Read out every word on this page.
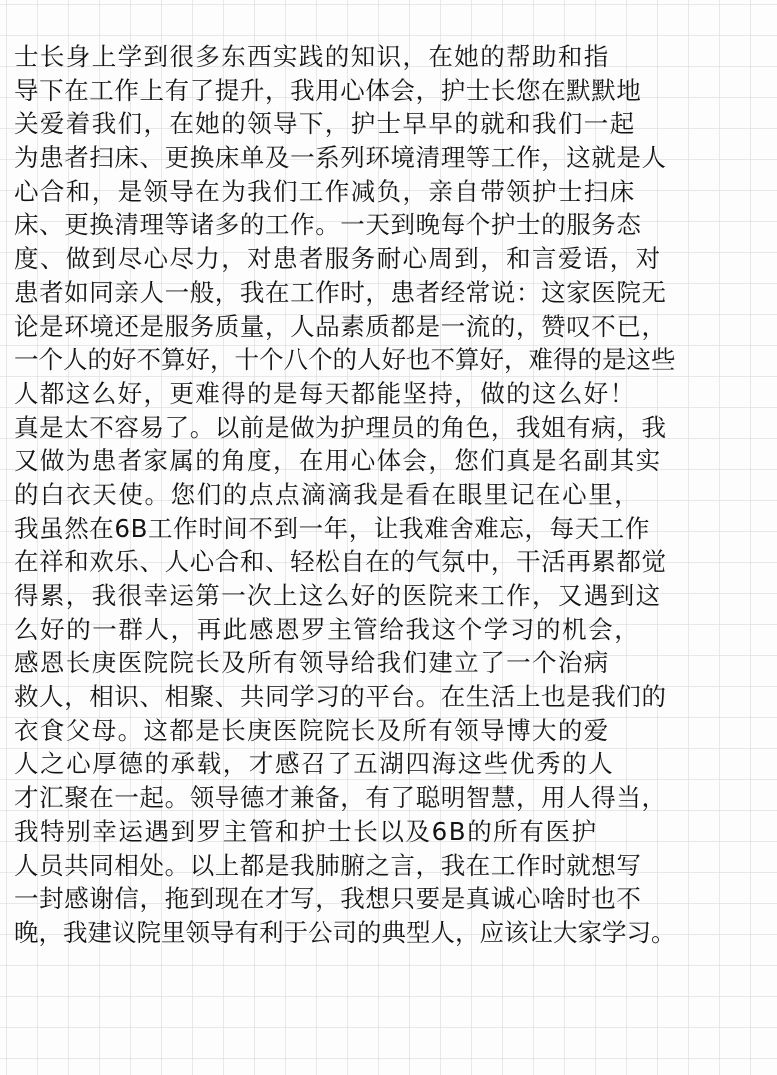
士长身上学到很多东西实践的知识，在她的帮助和指
导下在工作上有了提升，我用心体会，护士长您在默默地
关爱着我们，在她的领导下，护士早早的就和我们一起
为患者扫床、更换床单及一系列环境清理等工作，这就是人
心合和，是领导在为我们工作减负，亲自带领护士扫床
床、更换清理等诸多的工作。一天到晚每个护士的服务态
度、做到尽心尽力，对患者服务耐心周到，和言爱语，对
患者如同亲人一般，我在工作时，患者经常说：这家医院无
论是环境还是服务质量，人品素质都是一流的，赞叹不已，
一个人的好不算好，十个八个的人好也不算好，难得的是这些
人都这么好，更难得的是每天都能坚持，做的这么好！
真是太不容易了。以前是做为护理员的角色，我姐有病，我
又做为患者家属的角度，在用心体会，您们真是名副其实
的白衣天使。您们的点点滴滴我是看在眼里记在心里，
我虽然在6B工作时间不到一年，让我难舍难忘，每天工作
在祥和欢乐、人心合和、轻松自在的气氛中，干活再累都觉
得累，我很幸运第一次上这么好的医院来工作，又遇到这
么好的一群人，再此感恩罗主管给我这个学习的机会，
感恩长庚医院院长及所有领导给我们建立了一个治病
救人，相识、相聚、共同学习的平台。在生活上也是我们的
衣食父母。这都是长庚医院院长及所有领导博大的爱
人之心厚德的承载，才感召了五湖四海这些优秀的人
才汇聚在一起。领导德才兼备，有了聪明智慧，用人得当，
我特别幸运遇到罗主管和护士长以及6B的所有医护
人员共同相处。以上都是我肺腑之言，我在工作时就想写
一封感谢信，拖到现在才写，我想只要是真诚心啥时也不
晚，我建议院里领导有利于公司的典型人，应该让大家学习。
